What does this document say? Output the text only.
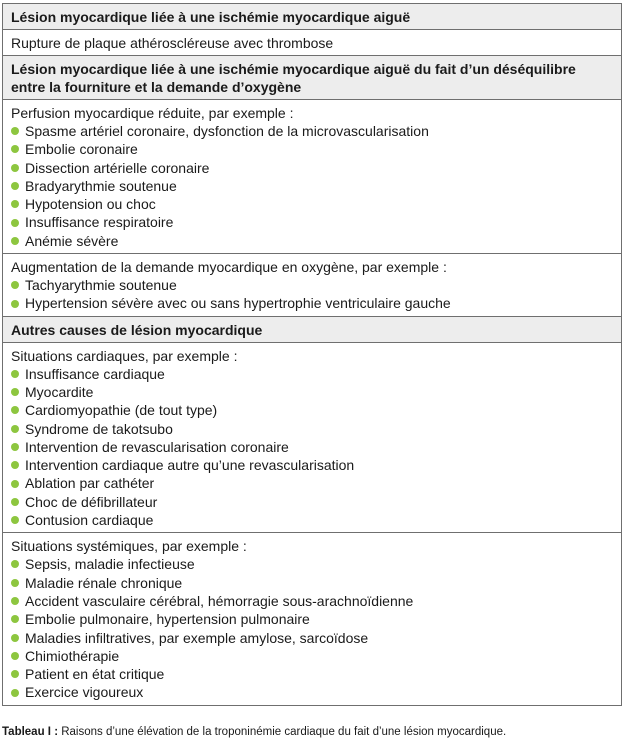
Lésion myocardique liée à une ischémie myocardique aiguë
Rupture de plaque athéroscléreuse avec thrombose
Lésion myocardique liée à une ischémie myocardique aiguë du fait d’un déséquilibre entre la fourniture et la demande d’oxygène
Perfusion myocardique réduite, par exemple :
Spasme artériel coronaire, dysfonction de la microvascularisation
Embolie coronaire
Dissection artérielle coronaire
Bradyarythmie soutenue
Hypotension ou choc
Insuffisance respiratoire
Anémie sévère
Augmentation de la demande myocardique en oxygène, par exemple :
Tachyarythmie soutenue
Hypertension sévère avec ou sans hypertrophie ventriculaire gauche
Autres causes de lésion myocardique
Situations cardiaques, par exemple :
Insuffisance cardiaque
Myocardite
Cardiomyopathie (de tout type)
Syndrome de takotsubo
Intervention de revascularisation coronaire
Intervention cardiaque autre qu’une revascularisation
Ablation par cathéter
Choc de défibrillateur
Contusion cardiaque
Situations systémiques, par exemple :
Sepsis, maladie infectieuse
Maladie rénale chronique
Accident vasculaire cérébral, hémorragie sous-arachnoïdienne
Embolie pulmonaire, hypertension pulmonaire
Maladies infiltratives, par exemple amylose, sarcoïdose
Chimiothérapie
Patient en état critique
Exercice vigoureux
Tableau I : Raisons d’une élévation de la troponinémie cardiaque du fait d’une lésion myocardique.
